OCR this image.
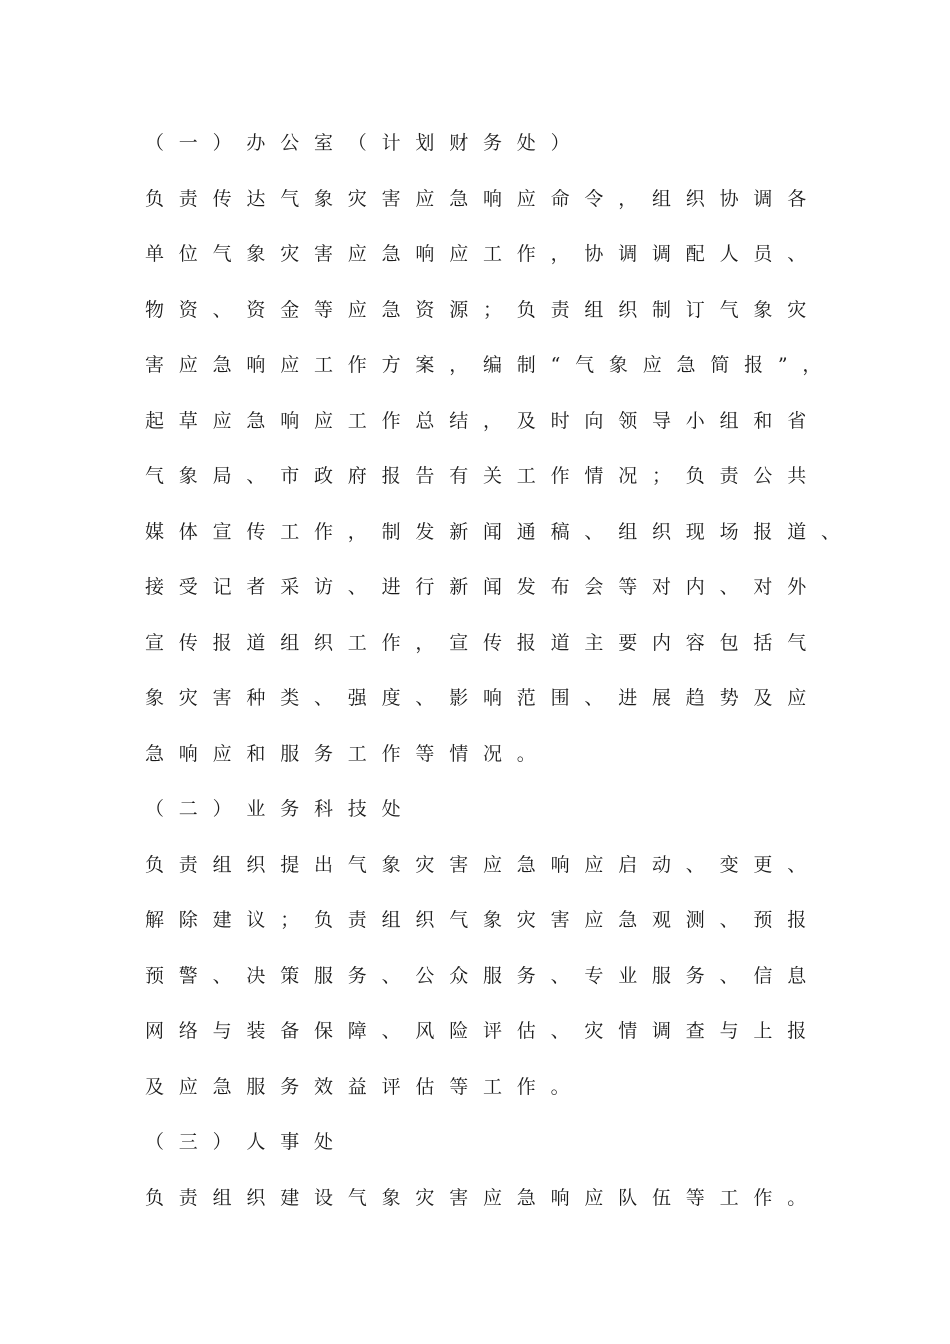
（一）办公室（计划财务处）
负责传达气象灾害应急响应命令，组织协调各
单位气象灾害应急响应工作，协调调配人员、
物资、资金等应急资源；负责组织制订气象灾
害应急响应工作方案，编制“气象应急简报”，
起草应急响应工作总结，及时向领导小组和省
气象局、市政府报告有关工作情况；负责公共
媒体宣传工作，制发新闻通稿、组织现场报道、
接受记者采访、进行新闻发布会等对内、对外
宣传报道组织工作，宣传报道主要内容包括气
象灾害种类、强度、影响范围、进展趋势及应
急响应和服务工作等情况。
（二）业务科技处
负责组织提出气象灾害应急响应启动、变更、
解除建议；负责组织气象灾害应急观测、预报
预警、决策服务、公众服务、专业服务、信息
网络与装备保障、风险评估、灾情调查与上报
及应急服务效益评估等工作。
（三）人事处
负责组织建设气象灾害应急响应队伍等工作。
